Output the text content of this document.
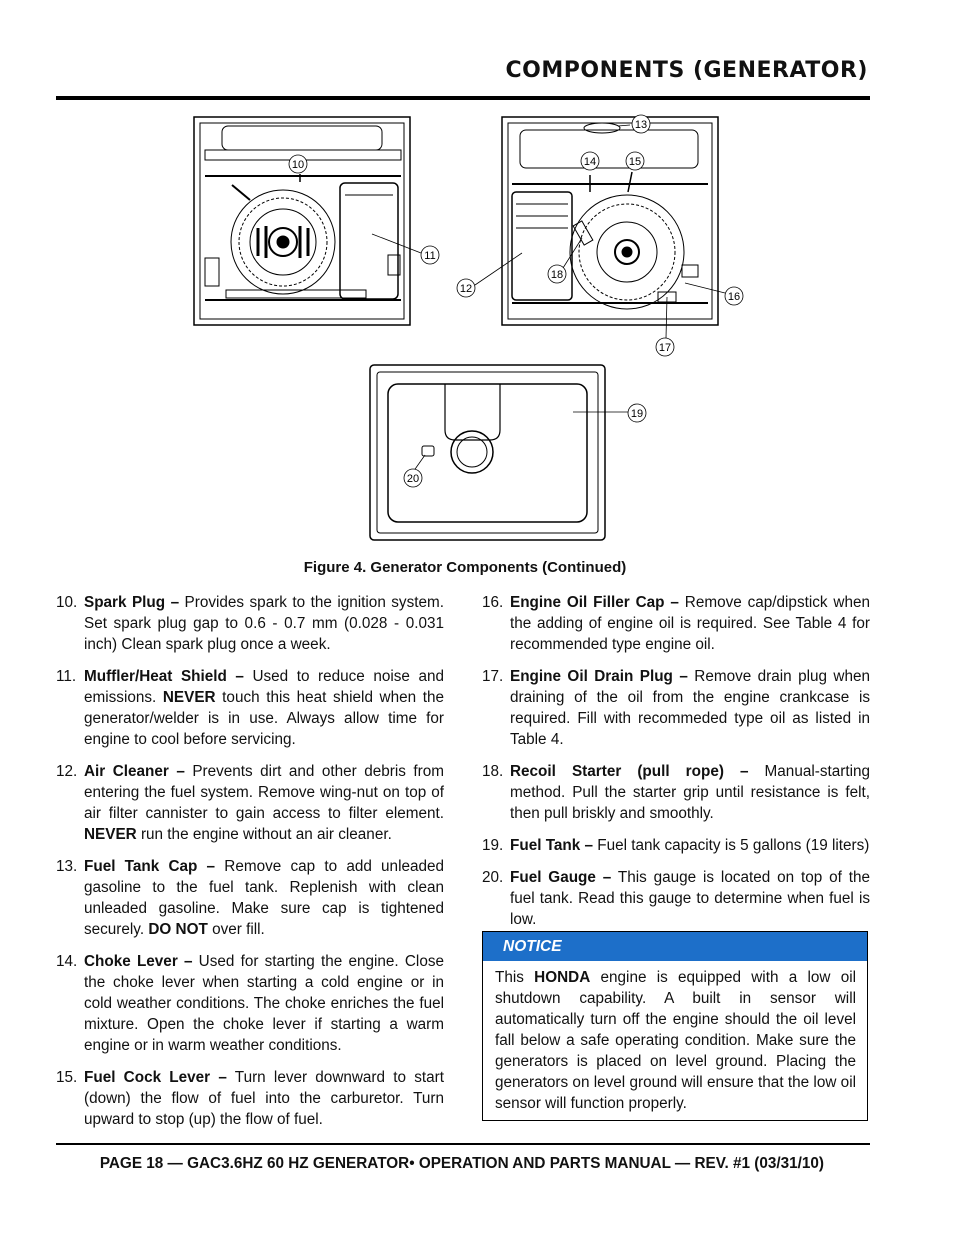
COMPONENTS (GENERATOR)
10
11
12
13
14	15
16
17
18
19
20
Figure 4. Generator Components (Continued)
10. Spark Plug – Provides spark to the ignition system. Set spark plug gap to 0.6 - 0.7 mm (0.028 - 0.031 inch) Clean spark plug once a week.
11. Muffler/Heat Shield – Used to reduce noise and emissions. NEVER touch this heat shield when the generator/welder is in use. Always allow time for engine to cool before servicing.
12. Air Cleaner – Prevents dirt and other debris from entering the fuel system. Remove wing-nut on top of air filter cannister to gain access to filter element. NEVER run the engine without an air cleaner.
13. Fuel Tank Cap – Remove cap to add unleaded gasoline to the fuel tank. Replenish with clean unleaded gasoline. Make sure cap is tightened securely. DO NOT over fill.
14. Choke Lever – Used for starting the engine. Close the choke lever when starting a cold engine or in cold weather conditions. The choke enriches the fuel mixture. Open the choke lever if starting a warm engine or in warm weather conditions.
15. Fuel Cock Lever – Turn lever downward to start (down) the flow of fuel into the carburetor. Turn upward to stop (up) the flow of fuel.
16. Engine Oil Filler Cap – Remove cap/dipstick when the adding of engine oil is required. See Table 4 for recommended type engine oil.
17. Engine Oil Drain Plug – Remove drain plug when draining of the oil from the engine crankcase is required. Fill with recommeded type oil as listed in Table 4.
18. Recoil Starter (pull rope) – Manual-starting method. Pull the starter grip until resistance is felt, then pull briskly and smoothly.
19. Fuel Tank – Fuel tank capacity is 5 gallons (19 liters)
20. Fuel Gauge – This gauge is located on top of the fuel tank. Read this gauge to determine when fuel is low.
NOTICE
This HONDA engine is equipped with a low oil shutdown capability. A built in sensor will automatically turn off the engine should the oil level fall below a safe operating condition. Make sure the generators is placed on level ground. Placing the generators on level ground will ensure that the low oil sensor will function properly.
PAGE 18 — GAC3.6HZ 60 HZ GENERATOR• OPERATION AND PARTS MANUAL — REV. #1 (03/31/10)
